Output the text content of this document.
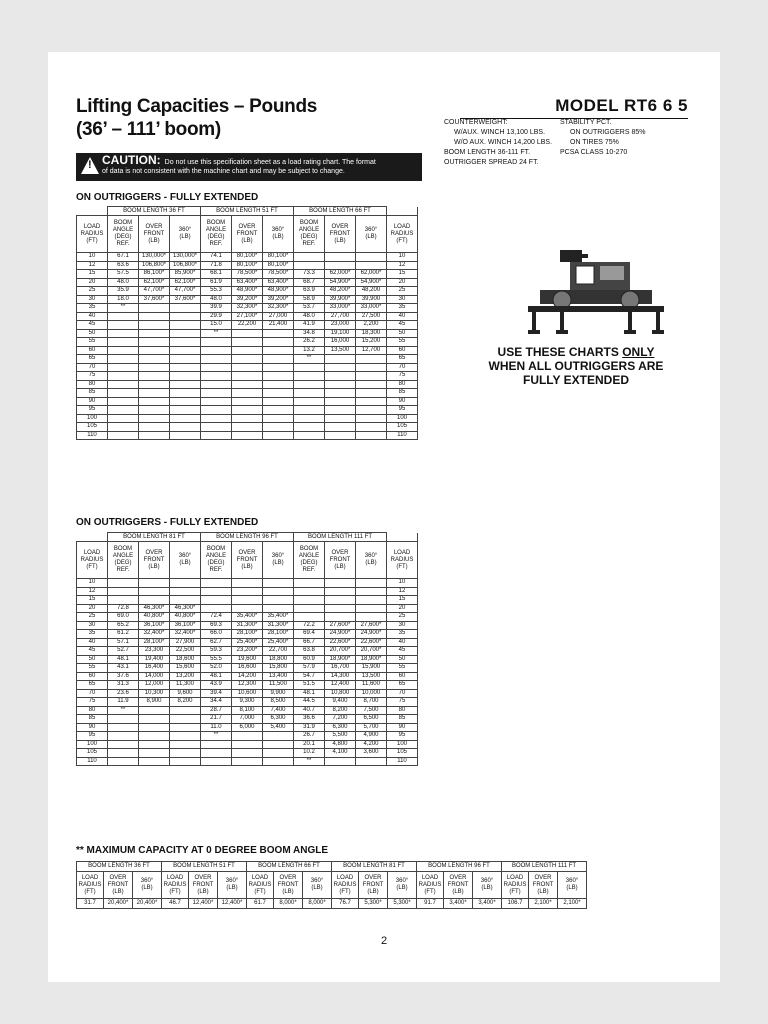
Lifting Capacities – Pounds
(36’ – 111’ boom)
MODEL RT6 6 5
COUNTERWEIGHT:
W/AUX. WINCH 13,100 LBS.
W/O AUX. WINCH 14,200 LBS.
BOOM LENGTH 36-111 FT.
OUTRIGGER SPREAD 24 FT.
STABILITY PCT.
ON OUTRIGGERS 85%
ON TIRES 75%
PCSA CLASS 10-270
! CAUTION: Do not use this specification sheet as a load rating chart. The format
of data is not consistent with the machine chart and may be subject to change.
ON OUTRIGGERS - FULLY EXTENDED
	BOOM LENGTH 36 FT			BOOM LENGTH 51 FT			BOOM LENGTH 66 FT			
LOAD
RADIUS
(FT)	BOOM
ANGLE
(DEG)
REF.	OVER
FRONT
(LB)	360°
(LB)	BOOM
ANGLE
(DEG)
REF.	OVER
FRONT
(LB)	360°
(LB)	BOOM
ANGLE
(DEG)
REF.	OVER
FRONT
(LB)	360°
(LB)	LOAD
RADIUS
(FT)
10	67.1	130,000*	130,000*	74.1	80,100*	80,100*				10
12	63.6	106,800*	106,800*	71.8	80,100*	80,100*				12
15	57.5	86,100*	85,900*	68.1	78,500*	78,500*	73.3	62,000*	62,000*	15
20	48.0	62,100*	62,100*	61.9	63,400*	63,400*	68.7	54,900*	54,900*	20
25	35.9	47,700*	47,700*	55.3	48,900*	48,900*	63.9	48,200*	48,200	25
30	18.0	37,600*	37,600*	48.0	39,200*	39,200*	58.9	39,900*	39,900	30
35	**			39.9	32,300*	32,300*	53.7	33,000*	33,000*	35
40				29.9	27,100*	27,000	48.0	27,700	27,500	40
45				15.0	22,200	21,400	41.9	23,000	2,200	45
50				**			34.8	19,100	18,300	50
55							26.2	16,000	15,200	55
60							13.2	13,500	12,700	60
65							**			65
70										70
75										75
80										80
85										85
90										90
95										95
100										100
105										105
110										110
ON OUTRIGGERS - FULLY EXTENDED
	BOOM LENGTH 81 FT			BOOM LENGTH 96 FT			BOOM LENGTH 111 FT			
LOAD
RADIUS
(FT)	BOOM
ANGLE
(DEG)
REF.	OVER
FRONT
(LB)	360°
(LB)	BOOM
ANGLE
(DEG)
REF.	OVER
FRONT
(LB)	360°
(LB)	BOOM
ANGLE
(DEG)
REF.	OVER
FRONT
(LB)	360°
(LB)	LOAD
RADIUS
(FT)
10										10
12										12
15										15
20	72.8	46,300*	46,300*							20
25	69.0	40,800*	40,800*	72.4	35,400*	35,400*				25
30	65.2	36,100*	36,100*	69.3	31,300*	31,300*	72.2	27,600*	27,600*	30
35	61.2	32,400*	32,400*	66.0	28,100*	28,100*	69.4	24,900*	24,900*	35
40	57.1	28,100*	27,900	62.7	25,400*	25,400*	66.7	22,600*	22,600*	40
45	52.7	23,300	22,500	59.3	23,200*	22,700	63.8	20,700*	20,700*	45
50	48.1	19,400	18,600	55.5	19,600	18,800	60.9	18,900*	18,900*	50
55	43.1	16,400	15,600	52.0	16,600	15,800	57.9	16,700	15,900	55
60	37.6	14,000	13,200	48.1	14,200	13,400	54.7	14,300	13,500	60
65	31.3	12,000	11,300	43.9	12,300	11,500	51.5	12,400	11,600	65
70	23.6	10,300	9,600	39.4	10,600	9,900	48.1	10,800	10,000	70
75	11.9	8,900	8,200	34.4	9,300	8,500	44.5	9,400	8,700	75
80	**			28.7	8,100	7,400	40.7	8,200	7,500	80
85				21.7	7,000	6,300	36.6	7,200	6,500	85
90				11.0	6,000	5,400	31.9	6,300	5,700	90
95				**			26.7	5,500	4,900	95
100							20.1	4,800	4,200	100
105							10.2	4,100	3,600	105
110							**			110
USE THESE CHARTS ONLY
WHEN ALL OUTRIGGERS ARE FULLY EXTENDED
** MAXIMUM CAPACITY AT 0 DEGREE BOOM ANGLE
BOOM LENGTH 36 FT			BOOM LENGTH 51 FT			BOOM LENGTH 66 FT			BOOM LENGTH 81 FT			BOOM LENGTH 96 FT			BOOM LENGTH 111 FT		
LOAD
RADIUS
(FT)	OVER
FRONT
(LB)	360°
(LB)	LOAD
RADIUS
(FT)	OVER
FRONT
(LB)	360°
(LB)	LOAD
RADIUS
(FT)	OVER
FRONT
(LB)	360°
(LB)	LOAD
RADIUS
(FT)	OVER
FRONT
(LB)	360°
(LB)	LOAD
RADIUS
(FT)	OVER
FRONT
(LB)	360°
(LB)	LOAD
RADIUS
(FT)	OVER
FRONT
(LB)	360°
(LB)
31.7	20,400*	20,400*	46.7	12,400*	12,400*	61.7	8,000*	8,000*	76.7	5,300*	5,300*	91.7	3,400*	3,400*	106.7	2,100*	2,100*
2
